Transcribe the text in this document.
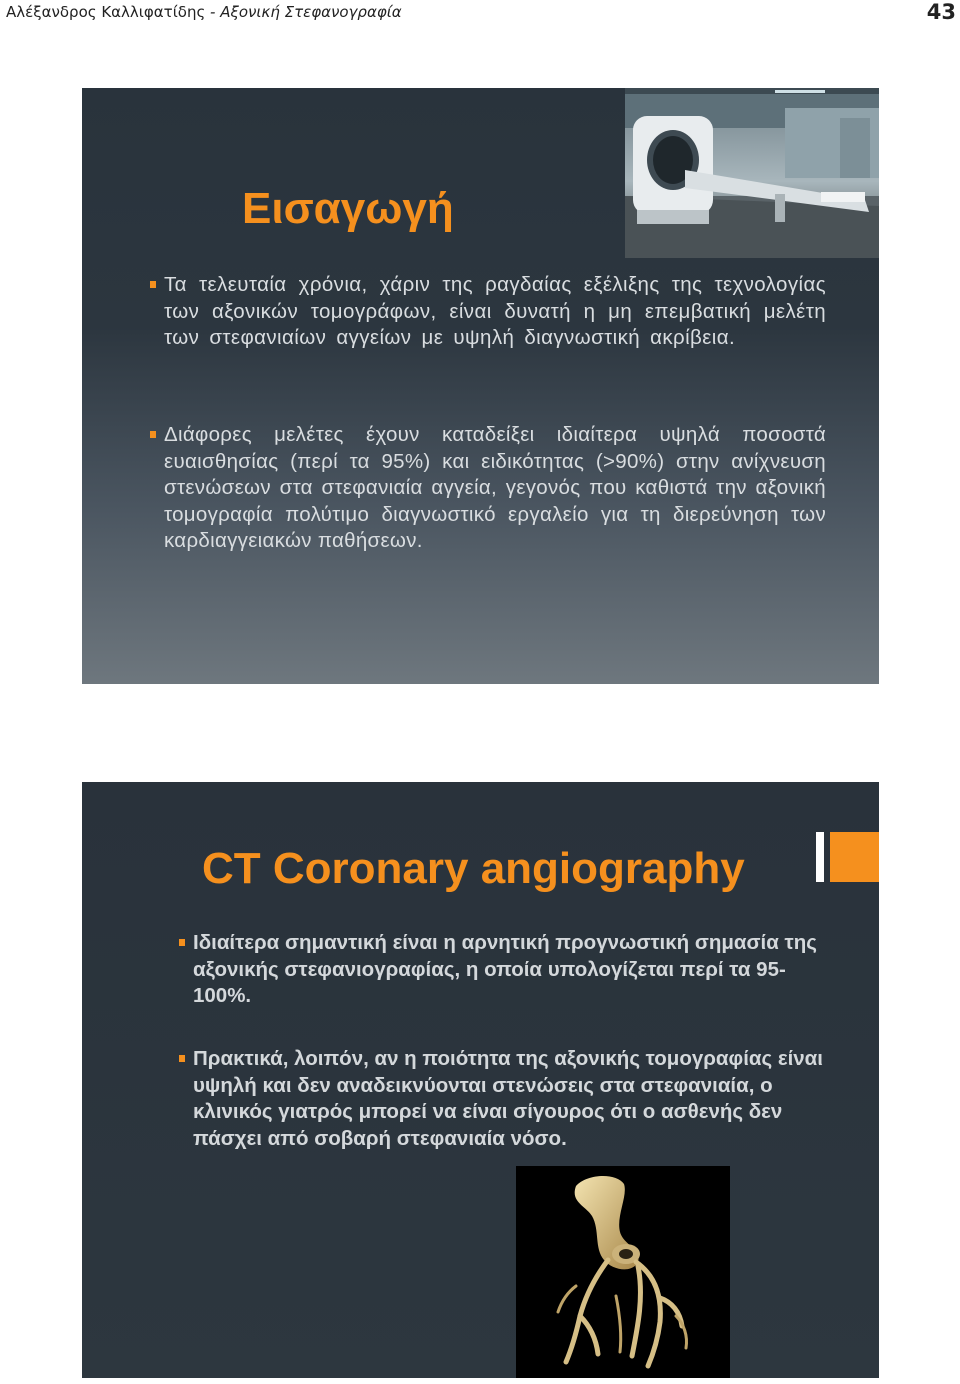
Αλέξανδρος Καλλιφατίδης - Αξονική Στεφανογραφία	43
Εισαγωγή
Τα τελευταία χρόνια, χάριν της ραγδαίας εξέλιξης της τεχνολογίας των αξονικών τομογράφων, είναι δυνατή η μη επεμβατική μελέτη των στεφανιαίων αγγείων με υψηλή διαγνωστική ακρίβεια.
Διάφορες μελέτες έχουν καταδείξει ιδιαίτερα υψηλά ποσοστά ευαισθησίας (περί τα 95%) και ειδικότητας (>90%) στην ανίχνευση στενώσεων στα στεφανιαία αγγεία, γεγονός που καθιστά την αξονική τομογραφία πολύτιμο διαγνωστικό εργαλείο για τη διερεύνηση των καρδιαγγειακών παθήσεων.
CT Coronary angiography
Ιδιαίτερα σημαντική είναι η αρνητική προγνωστική σημασία της αξονικής στεφανιογραφίας, η οποία υπολογίζεται περί τα 95-100%.
Πρακτικά, λοιπόν, αν η ποιότητα της αξονικής τομογραφίας είναι υψηλή και δεν αναδεικνύονται στενώσεις στα στεφανιαία, ο κλινικός γιατρός μπορεί να είναι σίγουρος ότι ο ασθενής δεν πάσχει από σοβαρή στεφανιαία νόσο.
